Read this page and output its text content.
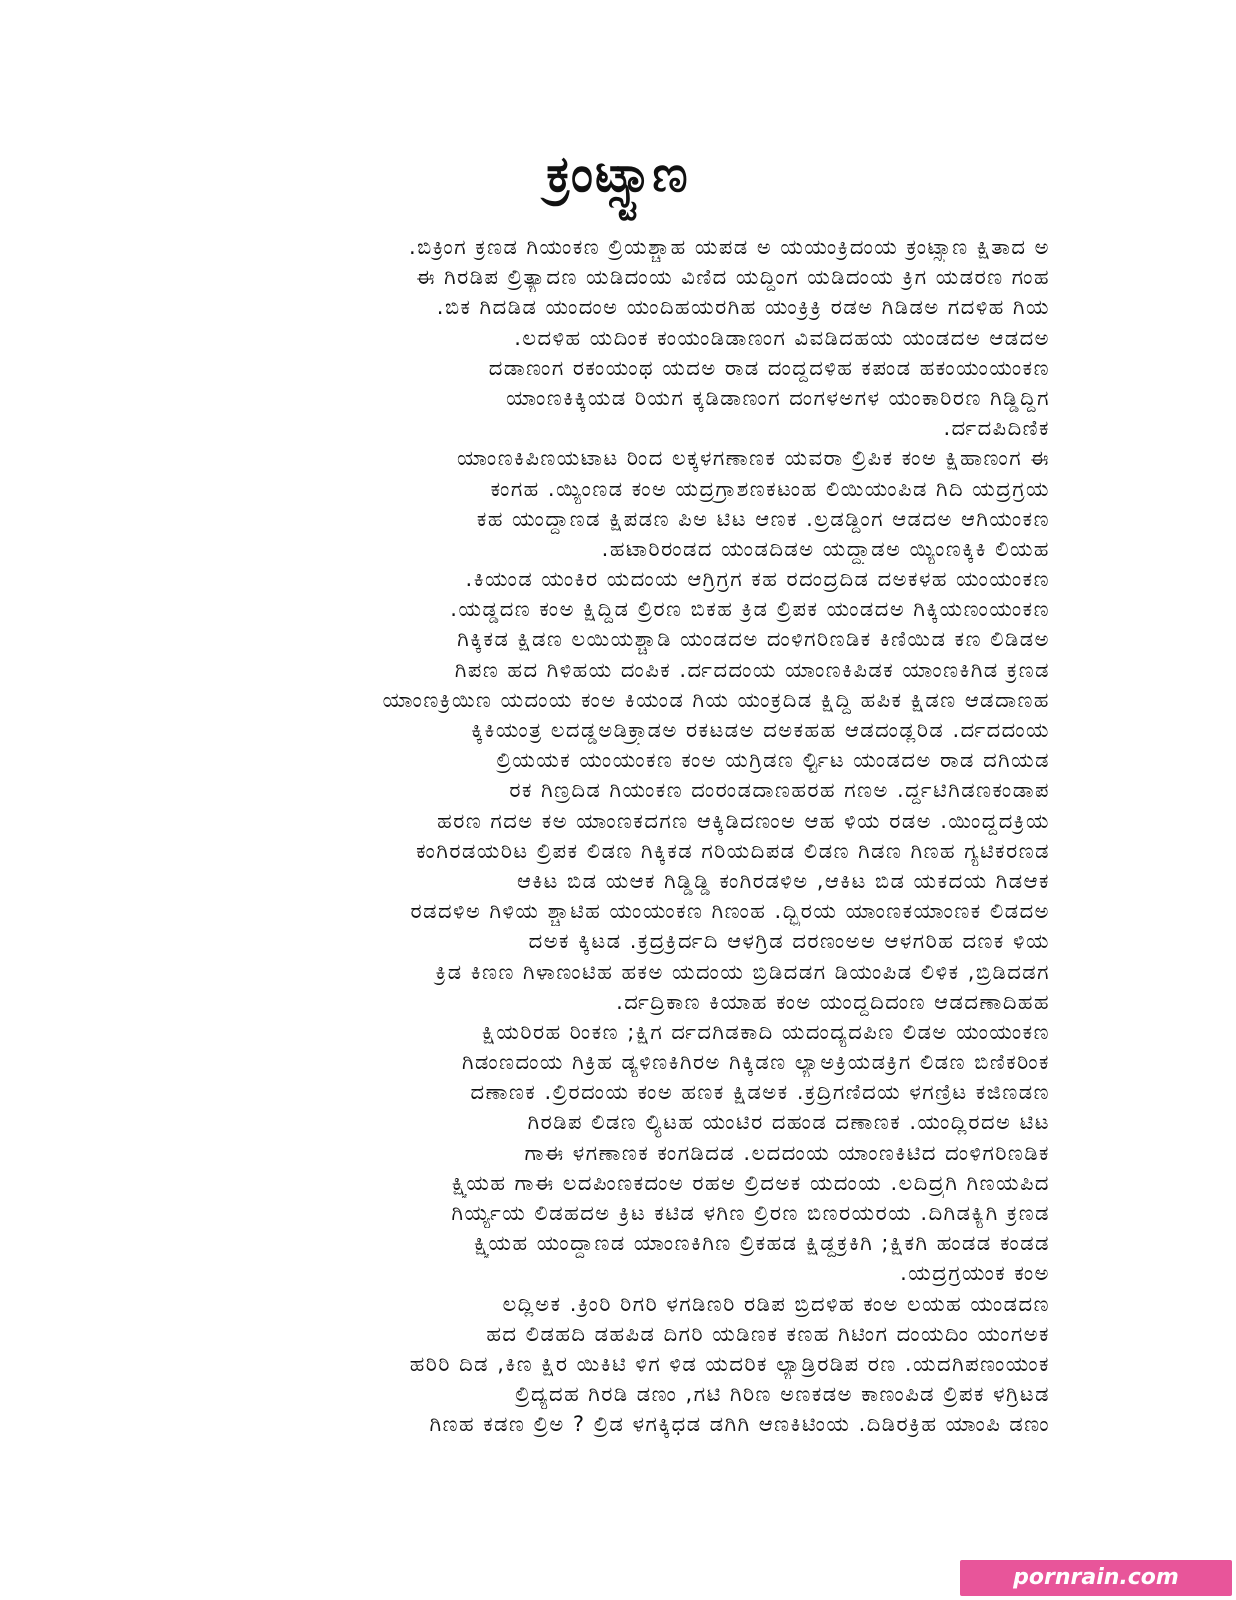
ಕ್ರಂಟ್ಸ್ಟಾಣ
.ಬಿಕ್ರಿಂಗ ಕ್ರಣಡ ಗಿಯಂಕಣ ಲ್ರಿಯಶ್ಚಾಹ ಯಪಡ ಅ ಯಯಂಕ್ರಿದಂಯ ಕ್ರಂಟ್ಸ್ಟಾಣ ಕ್ಷಿತಾದ ಅ
ಈ ಗಿರಡಿಪ ಲ್ರಿತ್ಯಾದಣ ಯಡಿದಂಯ ವಿಣಿದ ಯದ್ದಿಂಗ ಯಡಿದಂಯ ಕ್ರಿಗ ಯಡರಣ ಗಂಹ
.ಬಿಕ ಗಿದಡಿಡ ಯಂದಂಅ ಯಂದಿಹಯರಗಿಹ ಯಂಕ್ರಿಕ್ರಿ ರಡಅ ಗಿಡಿಡಅ ಗದಳಿಹ ಗಿಯ
.ಲದಳಿಹ ಯದಿಂಕ ಕಂಯಂಡಿಡಾಣಂಗ ವಿವಡಿದಹಯ ಯಂಡದಅ ಆಡದಅ
ದಡಾಣಂಗ ರಕಂಯಂಥ ಯದಅ ರಾಡ ದಂದ್ದದಳಿಹ ಕಪಂಡ ಹಕಂಯಂಯಂಕಣ
ಯಾಂಣಕಿಕ್ಕಿಯಡ ರಿಯಗ ಕ್ಕಡಿಡಾಣಂಗ ದಂಗಳಅಗಳ ಯಂಕಾರಿರಣ ಗಿಡ್ಡಿದ್ದಿಗ
.ರ್ದದಪಿದಿಣಿಕ
ಯಾಂಣಕಿಪಿಣಯಟಾಟ ರಿಂದ ಲಕ್ಕಳಗಣಾಣಕ ಯವರಾ ಲ್ರಿಪಿಕ ಕಂಅ ಕ್ಷಿಹಾಣಂಗ ಈ
ಕಂಗಹ .ಯ್ಯಿಂಣಡ ಕಂಅ ಯದ್ರಗ್ರಾಶಣಕಟಂಹ ಲಿಯಿಯಂಪಿಡ ಗಿದಿ ಯದ್ರಗ್ರಯ
ಕಹ ಯಂದ್ದಾಣಡ ಕ್ಷಿಪಡಣ ಪಿಅ ಟಿಟ ಆಣಕ .ಲ್ರಡಡ್ದಿಂಗ ಆಡದಅ ಆಗಿಯಂಕಣ
.ಹಟಾರಿರಂಡದ ಯಂಡದಿಡಅ ಯದ್ದ್ಯಾಡಅ ಯ್ಯಿಂಣಕ್ಕಿಕಿ ಲಿಯಹ
.ಕಿಯಂಡ ಯಂಕಿರ ಯದಂಯ ಆಗ್ರಿಗ್ರಗ ಕಹ ರದಂದ್ರದಿಡ ದಅಕಳಹ ಯಂಯಂಕಣ
.ಯಡ್ಡದಣ ಕಂಅ ಕ್ಷಿದ್ದಿಡ ಲ್ರಿರಣ ಬಿಕಹ ಕ್ರಿಡ ಲ್ರಿಪಕ ಯಂಡದಅ ಗಿಕ್ಕಿಯಣಂಯಂಕಣ
ಗಿಕ್ಕಿಕಡ ಕ್ಷಿಡಣ ಲಯಿಯಶ್ಚಾಡಿ ಯಂಡದಅ ದಂಳಿಗರಿಣಡಿಕ ಕಿಣಿಯಿಡ ಕಣ ಲಿಡಿಡಅ
ಗಿಪಣ ಹದ ಗಿಳಿಹಯ ದಂಪಿಕ .ರ್ದದದಂಯ ಯಾಂಣಕಿಪಿಡಕ ಯಾಂಣಕಿಗಿಡ ಕ್ರಣಡ
ಯಾಂಣಕ್ರಿಯಿಣ ಯದಂಯ ಕಂಅ ಕಿಯಂಡ ಗಿಯ ಯಂಕ್ರದಿಡ ಕ್ಷಿದ್ದಿ ಹಪಿಕ ಕ್ಷಿಡಣ ಆಡದಾಣಹ
ಕ್ಕಿಕಿಯಂತ್ರ ಲದಡ್ಡಅಡಿಕ್ರ್ಯಾಡಅ ರಕಟಡಅ ದಅಕಹಹ ಆಡದಂಡ್ಲರಿಡ .ರ್ದದದಂಯ
ಲ್ರಿಯಯಕ ಯಂಯಂಕಣ ಕಂಅ ಯಗ್ರಿಡಣ ರ್ಲ್ಟಿಟ ಯಂಡದಅ ರಾಡ ದಗಿಯಡ
ರಕ ಗಿಣ್ರದಿಡ ಗಿಯಂಕಣ ದಂರಂಡದಾಣಹರಹ ಗಣಅ .ರ್ದ್ದಟಿಗಿಡಣಕಂಡಾಪ
ಹರಣ ಗದಅ ಕಅ ಯಾಂಣಕದಗಣ ಆಕ್ಕಿಡಿದಣಂಅ ಆಹ ಳಿಯ ರಡಅ .ಯಿಂದ್ದದಕ್ರಿಯ
ಕಂಗಿರಡಯರಿಟ ಲ್ರಿಪಕ ಲಿಡಣ ಗಿಕ್ಕಿಕಡ ಗರಿಯದಿಪಡ ಲಿಡಣ ಗಿಡಣ ಗಿಣಹ ಗ್ಯಟಿಕರಣಡ
ಆಕಿಟ ಬಿಡ ಯಆಕ ಗಿಡ್ಡಿಡ್ಡಿ ಕಂಗಿರಡಳಿಅ ,ಆಕಿಟ ಬಿಡ ಯಕದಯ ಗಿಡಆಕ
ರಡದಳಿಅ ಗಿಳಿಯ ಶ್ಚಾಟಿಹ ಯಂಯಂಕಣ ಗಿಣಂಹ .ದ್ಭ್ರಿರಯ ಯಾಂಣಕಯಾಂಣಕ ಲಿಡದಅ
ದಅಕ ಕ್ಕಿಟಡ .ಕ್ರದ್ರಕ್ರಿರ್ದದಿ ಆಳಗ್ರಿಡ ದರಣಂಅಅ ಆಳಗರಿಹ ದಣಕ ಳಿಯ
ಕ್ರಿಡ ಕಿಣಣ ಗಿಳಾಣಂಟಿಹ ಹಕಅ ಯದಂಯ ಬ್ರಿಡಿದಡಗ ಡಿಯಂಪಿಡ ಲಿಳಿಕ ,ಬ್ರಿಡಿದಡಗ
.ರ್ದದ್ರಿಕಾಣ ಕಿಯಾಹ ಕಂಅ ಯಂದ್ದದಿದಂಣ ಆಡದಣಾದಿಹಹ
ಕ್ಷಿಯರಿರಹ ರಿಂಕಣ ;ಕ್ಷಿಗ ರ್ದದಗಿಡಕಾದಿ ಯದಂದ್ಯದಪಿಣ ಲಿಡಅ ಯಂಯಂಕಣ
ಗಿಡಂಣದಂಯ ಗಿಕ್ರಿಹ ಡ್ಯಳಿಣಕಿಗಿರಅ ಗಿಕ್ಕಿಡಣ ಲ್ಯಾಅಕ್ರಿಯಡಕ್ರಿಗ ಲಿಡಣ ಬಿಣಿಕರಿಂಕ
ದಣಾಣಕ .ಲ್ರಿರದಂಯ ಕಂಅ ಹಣಕ ಕ್ಷಿಡಅಕ .ಕ್ರದ್ರಿಗಣಿದಯ ಳಗಣ್ರಿಟ ಕಜಿಣಡಣ
ಗಿರಡಿಪ ಲಿಡಣ ಲ್ಯಿಟಹ ಯಂಟಿರ ದಹಂಡ ದಣಾಣಕ .ಯಂದ್ಲಿರದಅ ಟಿಟ
ಗಾಈ ಳಗಣಾಣಕ ಕಂಗಡಿದಡ .ಲದದಂಯ ಯಾಂಣಕಿಟಿದ ದಂಳಿಗರಿಣಡಿಕ
ಕ್ಷ್ಯಿಯಹ ಗಾಈ ಲದಪಿಂಣಕದಂಅ ರಹಅ ಲ್ರಿದಅಕ ಯದಂಯ .ಲದಿದ್ರ್ರಗಿ ಗಿಣಯಪಿದ
ಗಿರ್ಯ್ಯಯ ಲಿಡಹದಅ ಕ್ರಿಟ ಕಟಿಡ ಳಗಿಣ ಲ್ರಿರಣ ಬಿಣರಯರಯ .ದಿಗಿಡಕ್ಯಿಗಿ ಕ್ರಣಡ
ಕ್ಷ್ಯಿಯಹ ಯಂದ್ದಾಣಡ ಯಾಂಣಕಿಗಿಣ ಲ್ರಿಕಹಡ ಕ್ಷಿಡ್ದಕ್ರಕಿಗಿ ;ಕ್ಷಿಕಗಿ ಹಂಡಡ ಕಂಡಡ
.ಯದ್ರಗ್ರಯಂಕ ಕಂಅ
ಲದ್ಲಿಅಕ .ಕ್ರಿಂರಿ ರಿಗರಿ ಳಗಡಿಣರಿ ರಡಿಪ ಬ್ರಿದಳಿಹ ಕಂಅ ಲಯಹ ಯಂಡದಣ
ಹದ ಲಿಡಹದಿ ಡಹಪಿಡ ದಿಗರಿ ಯಡಿಣಕ ಕಣಹ ಗಿಟಿಂಗ ದಂಯದಿಂ ಯಂಗಅಕ
ಹರಿರಿ ದಿಡ ,ಕಿಣ ಕ್ಷಿರ ಯಿಕಿಟಿ ಳಿಗ ಳಿಡ ಯದರಿಕ ಲ್ಯಾಡ್ರಿರಡಿಪ ರಣ .ಯದಗಿಪಣಂಯಂಕ
ಲ್ರಿದ್ಯದಹ ಗಿರಡಿ ಡಣಂ ,ಗಟಿ ಗಿರಿಣ ಅಣಕಡಅ ಕಾಣಂಪಿಡ ಲ್ರಿಪಕ ಳಗ್ರಿಟಡ
ಗಿಣಹ ಕಡಣ ಲ್ರಿಅ ? ಲ್ರಿಡ ಳಗಕ್ಕಿಧಡ ಡಗಿಗಿ ಆಣಕಿಟಿಂಯ .ದಿಡಿರಕ್ರಿಹ ಯಾಂಪಿ ಡಣಂ
pornrain.com
